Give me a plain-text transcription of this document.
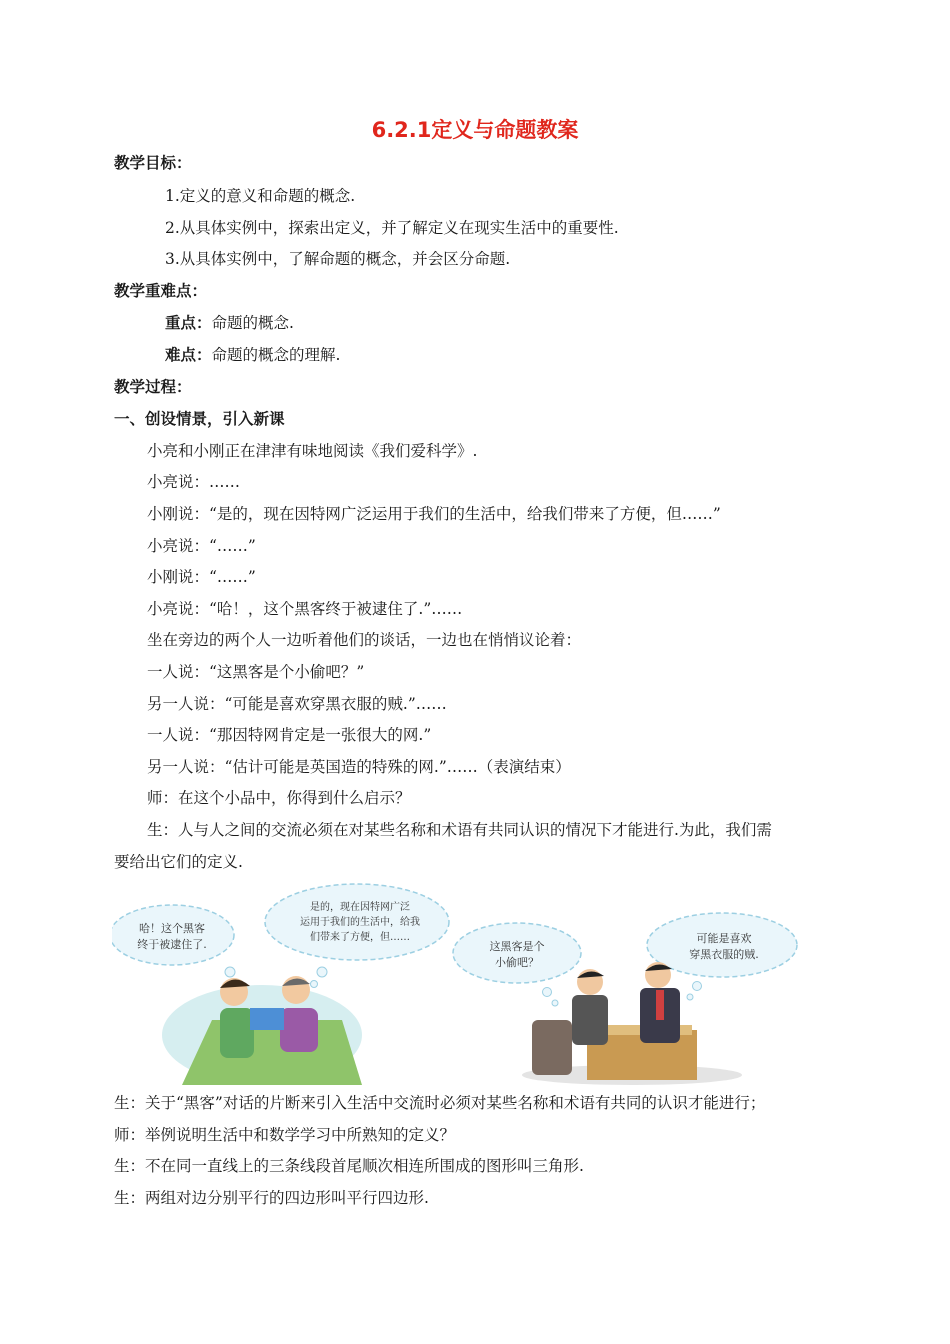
6.2.1定义与命题教案
教学目标：
1.定义的意义和命题的概念.
2.从具体实例中，探索出定义，并了解定义在现实生活中的重要性.
3.从具体实例中，了解命题的概念，并会区分命题.
教学重难点：
重点：命题的概念.
难点：命题的概念的理解.
教学过程：
一、创设情景，引入新课
小亮和小刚正在津津有味地阅读《我们爱科学》.
小亮说：……
小刚说：“是的，现在因特网广泛运用于我们的生活中，给我们带来了方便，但……”
小亮说：“……”
小刚说：“……”
小亮说：“哈！，这个黑客终于被逮住了.”……
坐在旁边的两个人一边听着他们的谈话，一边也在悄悄议论着：
一人说：“这黑客是个小偷吧？”
另一人说：“可能是喜欢穿黑衣服的贼.”……
一人说：“那因特网肯定是一张很大的网.”
另一人说：“估计可能是英国造的特殊的网.”……（表演结束）
师：在这个小品中，你得到什么启示？
生：人与人之间的交流必须在对某些名称和术语有共同认识的情况下才能进行.为此，我们需
要给出它们的定义.
哈！这个黑客
终于被逮住了.
是的，现在因特网广泛
运用于我们的生活中，给我
们带来了方便，但……
这黑客是个
小偷吧？
可能是喜欢
穿黑衣服的贼.
生：关于“黑客”对话的片断来引入生活中交流时必须对某些名称和术语有共同的认识才能进行；
师：举例说明生活中和数学学习中所熟知的定义？
生：不在同一直线上的三条线段首尾顺次相连所围成的图形叫三角形.
生：两组对边分别平行的四边形叫平行四边形.
